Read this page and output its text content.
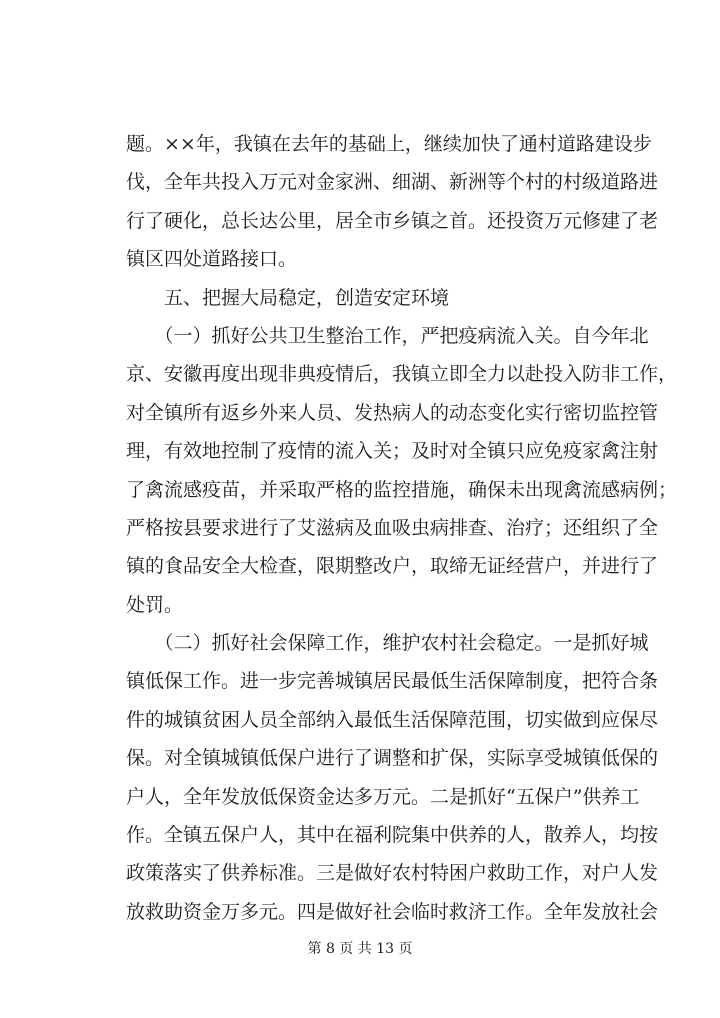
题。××年，我镇在去年的基础上，继续加快了通村道路建设步
伐，全年共投入万元对金家洲、细湖、新洲等个村的村级道路进
行了硬化，总长达公里，居全市乡镇之首。还投资万元修建了老
镇区四处道路接口。
　　五、把握大局稳定，创造安定环境
　　（一）抓好公共卫生整治工作，严把疫病流入关。自今年北
京、安徽再度出现非典疫情后，我镇立即全力以赴投入防非工作，
对全镇所有返乡外来人员、发热病人的动态变化实行密切监控管
理，有效地控制了疫情的流入关；及时对全镇只应免疫家禽注射
了禽流感疫苗，并采取严格的监控措施，确保未出现禽流感病例；
严格按县要求进行了艾滋病及血吸虫病排查、治疗；还组织了全
镇的食品安全大检查，限期整改户，取缔无证经营户，并进行了
处罚。
　　（二）抓好社会保障工作，维护农村社会稳定。一是抓好城
镇低保工作。进一步完善城镇居民最低生活保障制度，把符合条
件的城镇贫困人员全部纳入最低生活保障范围，切实做到应保尽
保。对全镇城镇低保户进行了调整和扩保，实际享受城镇低保的
户人，全年发放低保资金达多万元。二是抓好“五保户”供养工
作。全镇五保户人，其中在福利院集中供养的人，散养人，均按
政策落实了供养标准。三是做好农村特困户救助工作，对户人发
放救助资金万多元。四是做好社会临时救济工作。全年发放社会
第 8 页 共 13 页
